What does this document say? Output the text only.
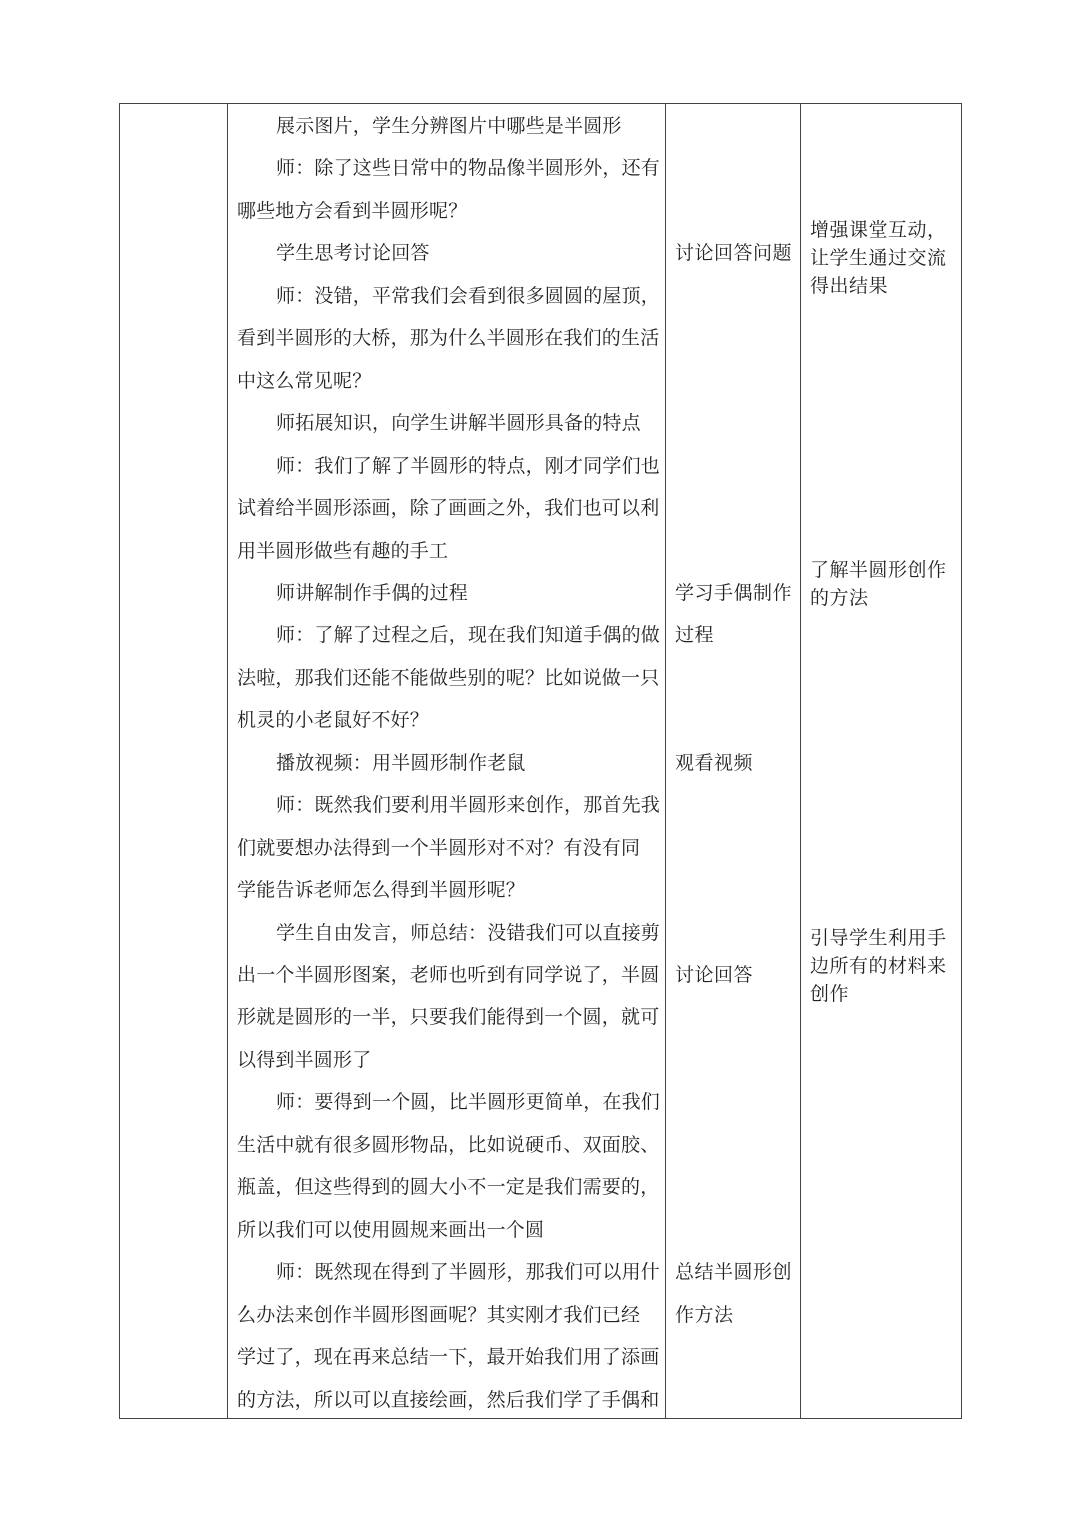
展示图片，学生分辨图片中哪些是半圆形
师：除了这些日常中的物品像半圆形外，还有
哪些地方会看到半圆形呢？
学生思考讨论回答
师：没错，平常我们会看到很多圆圆的屋顶，
看到半圆形的大桥，那为什么半圆形在我们的生活
中这么常见呢？
师拓展知识，向学生讲解半圆形具备的特点
师：我们了解了半圆形的特点，刚才同学们也
试着给半圆形添画，除了画画之外，我们也可以利
用半圆形做些有趣的手工
师讲解制作手偶的过程
师：了解了过程之后，现在我们知道手偶的做
法啦，那我们还能不能做些别的呢？比如说做一只
机灵的小老鼠好不好？
播放视频：用半圆形制作老鼠
师：既然我们要利用半圆形来创作，那首先我
们就要想办法得到一个半圆形对不对？有没有同
学能告诉老师怎么得到半圆形呢？
学生自由发言，师总结：没错我们可以直接剪
出一个半圆形图案，老师也听到有同学说了，半圆
形就是圆形的一半，只要我们能得到一个圆，就可
以得到半圆形了
师：要得到一个圆，比半圆形更简单，在我们
生活中就有很多圆形物品，比如说硬币、双面胶、
瓶盖，但这些得到的圆大小不一定是我们需要的，
所以我们可以使用圆规来画出一个圆
师：既然现在得到了半圆形，那我们可以用什
么办法来创作半圆形图画呢？其实刚才我们已经
学过了，现在再来总结一下，最开始我们用了添画
的方法，所以可以直接绘画，然后我们学了手偶和
讨论回答问题
学习手偶制作
过程
观看视频
讨论回答
总结半圆形创
作方法
增强课堂互动，
让学生通过交流
得出结果
了解半圆形创作
的方法
引导学生利用手
边所有的材料来
创作
